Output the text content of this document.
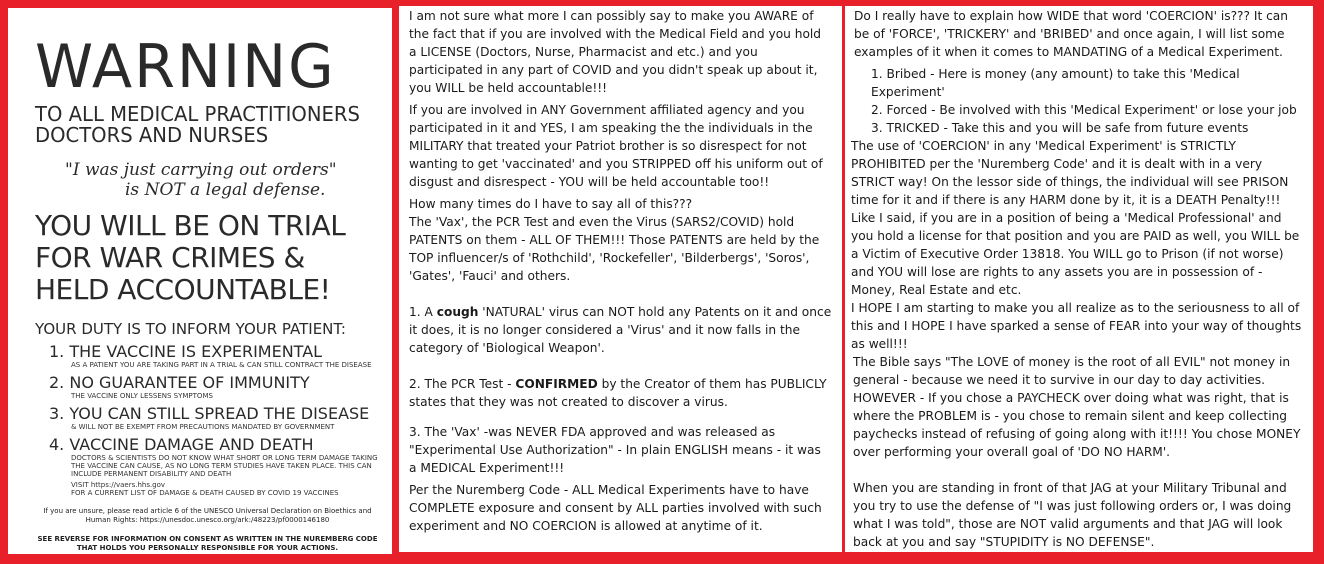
WARNING
TO ALL MEDICAL PRACTITIONERS
DOCTORS AND NURSES
"I was just carrying out orders"
is NOT a legal defense.
YOU WILL BE ON TRIAL
FOR WAR CRIMES &
HELD ACCOUNTABLE!
YOUR DUTY IS TO INFORM YOUR PATIENT:
1. THE VACCINE IS EXPERIMENTAL
AS A PATIENT YOU ARE TAKING PART IN A TRIAL & CAN STILL CONTRACT THE DISEASE
2. NO GUARANTEE OF IMMUNITY
THE VACCINE ONLY LESSENS SYMPTOMS
3. YOU CAN STILL SPREAD THE DISEASE
& WILL NOT BE EXEMPT FROM PRECAUTIONS MANDATED BY GOVERNMENT
4. VACCINE DAMAGE AND DEATH
DOCTORS & SCIENTISTS DO NOT KNOW WHAT SHORT OR LONG TERM DAMAGE TAKING THE VACCINE CAN CAUSE, AS NO LONG TERM STUDIES HAVE TAKEN PLACE. THIS CAN INCLUDE PERMANENT DISABILITY AND DEATH
VISIT https://vaers.hhs.gov
FOR A CURRENT LIST OF DAMAGE & DEATH CAUSED BY COVID 19 VACCINES
If you are unsure, please read article 6 of the UNESCO Universal Declaration on Bioethics and Human Rights: https://unesdoc.unesco.org/ark:/48223/pf0000146180
SEE REVERSE FOR INFORMATION ON CONSENT AS WRITTEN IN THE NUREMBERG CODE THAT HOLDS YOU PERSONALLY RESPONSIBLE FOR YOUR ACTIONS.

I am not sure what more I can possibly say to make you AWARE of the fact that if you are involved with the Medical Field and you hold a LICENSE (Doctors, Nurse, Pharmacist and etc.) and you participated in any part of COVID and you didn't speak up about it, you WILL be held accountable!!!

If you are involved in ANY Government affiliated agency and you participated in it and YES, I am speaking the the individuals in the MILITARY that treated your Patriot brother is so disrespect for not wanting to get 'vaccinated' and you STRIPPED off his uniform out of disgust and disrespect - YOU will be held accountable too!!

How many times do I have to say all of this???

The 'Vax', the PCR Test and even the Virus (SARS2/COVID) hold PATENTS on them - ALL OF THEM!!! Those PATENTS are held by the TOP influencer/s of 'Rothchild', 'Rockefeller', 'Bilderbergs', 'Soros', 'Gates', 'Fauci' and others.

1. A cough 'NATURAL' virus can NOT hold any Patents on it and once it does, it is no longer considered a 'Virus' and it now falls in the category of 'Biological Weapon'.

2. The PCR Test - CONFIRMED by the Creator of them has PUBLICLY states that they was not created to discover a virus.

3. The 'Vax' -was NEVER FDA approved and was released as "Experimental Use Authorization" - In plain ENGLISH means - it was a MEDICAL Experiment!!!

Per the Nuremberg Code - ALL Medical Experiments have to have COMPLETE exposure and consent by ALL parties involved with such experiment and NO COERCION is allowed at anytime of it.

Do I really have to explain how WIDE that word 'COERCION' is??? It can be of 'FORCE', 'TRICKERY' and 'BRIBED' and once again, I will list some examples of it when it comes to MANDATING of a Medical Experiment.

1. Bribed - Here is money (any amount) to take this 'Medical Experiment'
2. Forced - Be involved with this 'Medical Experiment' or lose your job
3. TRICKED - Take this and you will be safe from future events

The use of 'COERCION' in any 'Medical Experiment' is STRICTLY PROHIBITED per the 'Nuremberg Code' and it is dealt with in a very STRICT way! On the lessor side of things, the individual will see PRISON time for it and if there is any HARM done by it, it is a DEATH Penalty!!!

Like I said, if you are in a position of being a 'Medical Professional' and you hold a license for that position and you are PAID as well, you WILL be a Victim of Executive Order 13818. You WILL go to Prison (if not worse) and YOU will lose are rights to any assets you are in possession of - Money, Real Estate and etc.

I HOPE I am starting to make you all realize as to the seriousness to all of this and I HOPE I have sparked a sense of FEAR into your way of thoughts as well!!!

The Bible says "The LOVE of money is the root of all EVIL" not money in general - because we need it to survive in our day to day activities. HOWEVER - If you chose a PAYCHECK over doing what was right, that is where the PROBLEM is - you chose to remain silent and keep collecting paychecks instead of refusing of going along with it!!!! You chose MONEY over performing your overall goal of 'DO NO HARM'.

When you are standing in front of that JAG at your Military Tribunal and you try to use the defense of "I was just following orders or, I was doing what I was told", those are NOT valid arguments and that JAG will look back at you and say "STUPIDITY is NO DEFENSE".
